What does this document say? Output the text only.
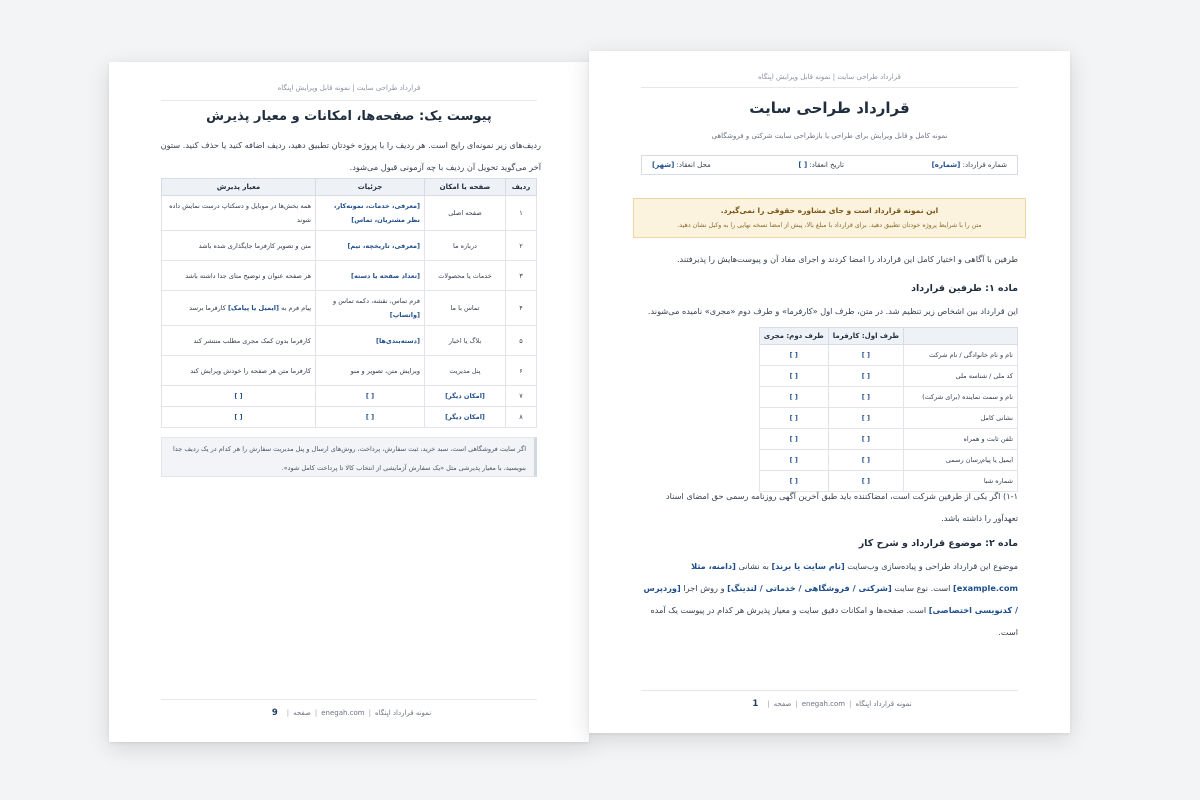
قرارداد طراحی سایت | نمونه قابل ویرایش ایِنگاه
پیوست یک: صفحه‌ها، امکانات و معیار پذیرش
ردیف‌های زیر نمونه‌ای رایج است. هر ردیف را با پروژه خودتان تطبیق دهید، ردیف اضافه کنید یا حذف کنید. ستون آخر می‌گوید تحویل آن ردیف با چه آزمونی قبول می‌شود.
ردیف	صفحه یا امکان	جزئیات	معیار پذیرش
۱	صفحه اصلی	[معرفی، خدمات، نمونه‌کار، نظر مشتریان، تماس]	همه بخش‌ها در موبایل و دسکتاپ درست نمایش داده شوند
۲	درباره ما	[معرفی، تاریخچه، تیم]	متن و تصویر کارفرما جایگذاری شده باشد
۳	خدمات یا محصولات	[تعداد صفحه یا دسته]	هر صفحه عنوان و توضیح متای جدا داشته باشد
۴	تماس با ما	فرم تماس، نقشه، دکمه تماس و [واتساپ]	پیام فرم به [ایمیل یا پیامک] کارفرما برسد
۵	بلاگ یا اخبار	[دسته‌بندی‌ها]	کارفرما بدون کمک مجری مطلب منتشر کند
۶	پنل مدیریت	ویرایش متن، تصویر و منو	کارفرما متن هر صفحه را خودش ویرایش کند
۷	[امکان دیگر]	[ ]	[ ]
۸	[امکان دیگر]	[ ]	[ ]
اگر سایت فروشگاهی است، سبد خرید، ثبت سفارش، پرداخت، روش‌های ارسال و پنل مدیریت سفارش را هر کدام در یک ردیف جدا بنویسید، با معیار پذیرشی مثل «یک سفارش آزمایشی از انتخاب کالا تا پرداخت کامل شود».
نمونه قرارداد ایِنگاه|enegah.com|صفحه|9
قرارداد طراحی سایت | نمونه قابل ویرایش ایِنگاه
قرارداد طراحی سایت
نمونه کامل و قابل ویرایش برای طراحی یا بازطراحی سایت شرکتی و فروشگاهی
شماره قرارداد: [شماره]
تاریخ انعقاد: [ ]
محل انعقاد: [شهر]
این نمونه قرارداد است و جای مشاوره حقوقی را نمی‌گیرد.
متن را با شرایط پروژه خودتان تطبیق دهید. برای قرارداد با مبلغ بالا، پیش از امضا نسخه نهایی را به وکیل نشان دهید.
طرفین با آگاهی و اختیار کامل این قرارداد را امضا کردند و اجرای مفاد آن و پیوست‌هایش را پذیرفتند.
ماده ۱: طرفین قرارداد
این قرارداد بین اشخاص زیر تنظیم شد. در متن، طرف اول «کارفرما» و طرف دوم «مجری» نامیده می‌شوند.
	طرف اول: کارفرما	طرف دوم: مجری
نام و نام خانوادگی / نام شرکت	[ ]	[ ]
کد ملی / شناسه ملی	[ ]	[ ]
نام و سمت نماینده (برای شرکت)	[ ]	[ ]
نشانی کامل	[ ]	[ ]
تلفن ثابت و همراه	[ ]	[ ]
ایمیل یا پیام‌رسان رسمی	[ ]	[ ]
شماره شبا	[ ]	[ ]
۱-۱) اگر یکی از طرفین شرکت است، امضاکننده باید طبق آخرین آگهی روزنامه رسمی حق امضای اسناد تعهدآور را داشته باشد.
ماده ۲: موضوع قرارداد و شرح کار
موضوع این قرارداد طراحی و پیاده‌سازی وب‌سایت [نام سایت یا برند] به نشانی [دامنه، مثلا example.com] است. نوع سایت [شرکتی / فروشگاهی / خدماتی / لندینگ] و روش اجرا [وردپرس / کدنویسی اختصاصی] است. صفحه‌ها و امکانات دقیق سایت و معیار پذیرش هر کدام در پیوست یک آمده است.
نمونه قرارداد ایِنگاه|enegah.com|صفحه|1
